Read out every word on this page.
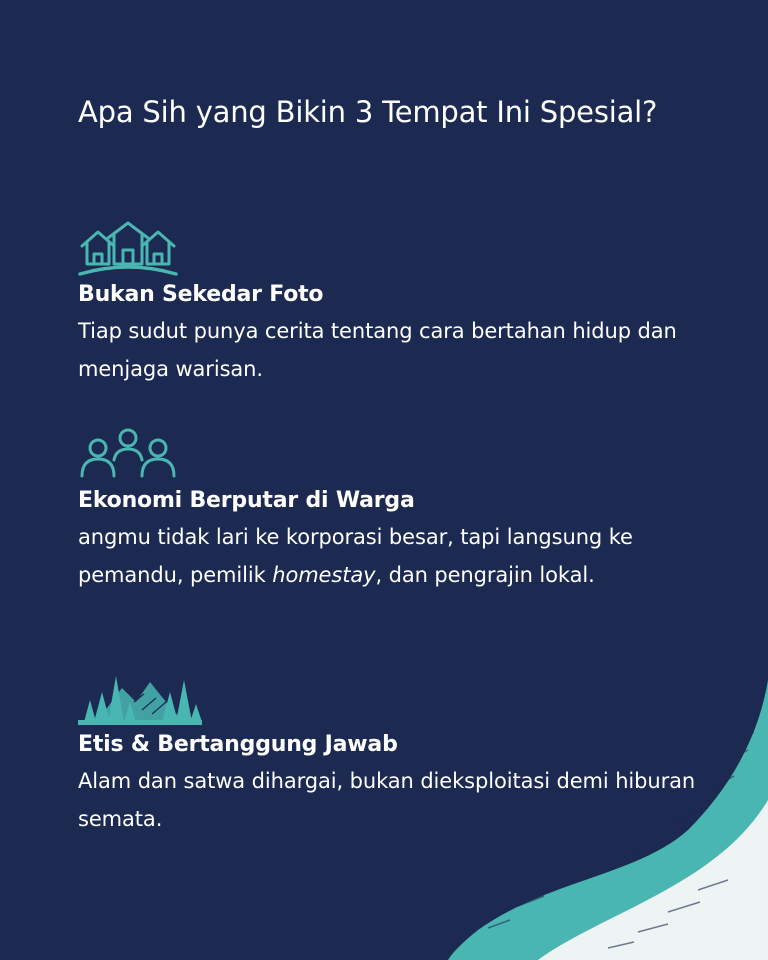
Apa Sih yang Bikin 3 Tempat Ini Spesial?
Bukan Sekedar Foto

Tiap sudut punya cerita tentang cara bertahan hidup dan menjaga warisan.

Ekonomi Berputar di Warga

angmu tidak lari ke korporasi besar, tapi langsung ke pemandu, pemilik homestay, dan pengrajin lokal.

Etis & Bertanggung Jawab

Alam dan satwa dihargai, bukan dieksploitasi demi hiburan semata.
